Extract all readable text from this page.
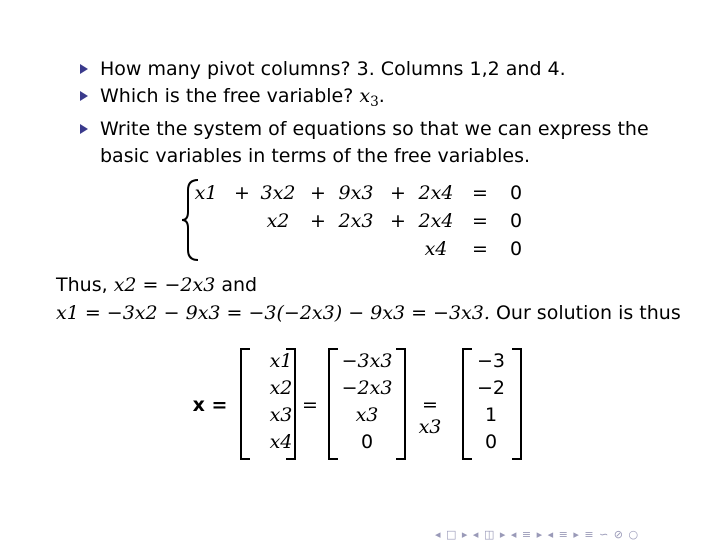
How many pivot columns? 3. Columns 1,2 and 4.
Which is the free variable? $x_3$.
Write the system of equations so that we can express the basic variables in terms of the free variables.
x1 + 3x2 + 9x3 + 2x4 =	0
x2	+ 2x3 + 2x4 =	0
x4	=	0
Thus, x2 = −2x3 and
x1 = −3x2 − 9x3 = −3(−2x3) − 9x3 = −3x3. Our solution is thus
x =
x1
x2
x3
x4
=
−3x3
−2x3
x3
0
= x3
−3
−2
1
0
◂ □ ▸ ◂ ◫ ▸ ◂ ≡ ▸ ◂ ≡ ▸ ≡ ∽ ⊘ ○
